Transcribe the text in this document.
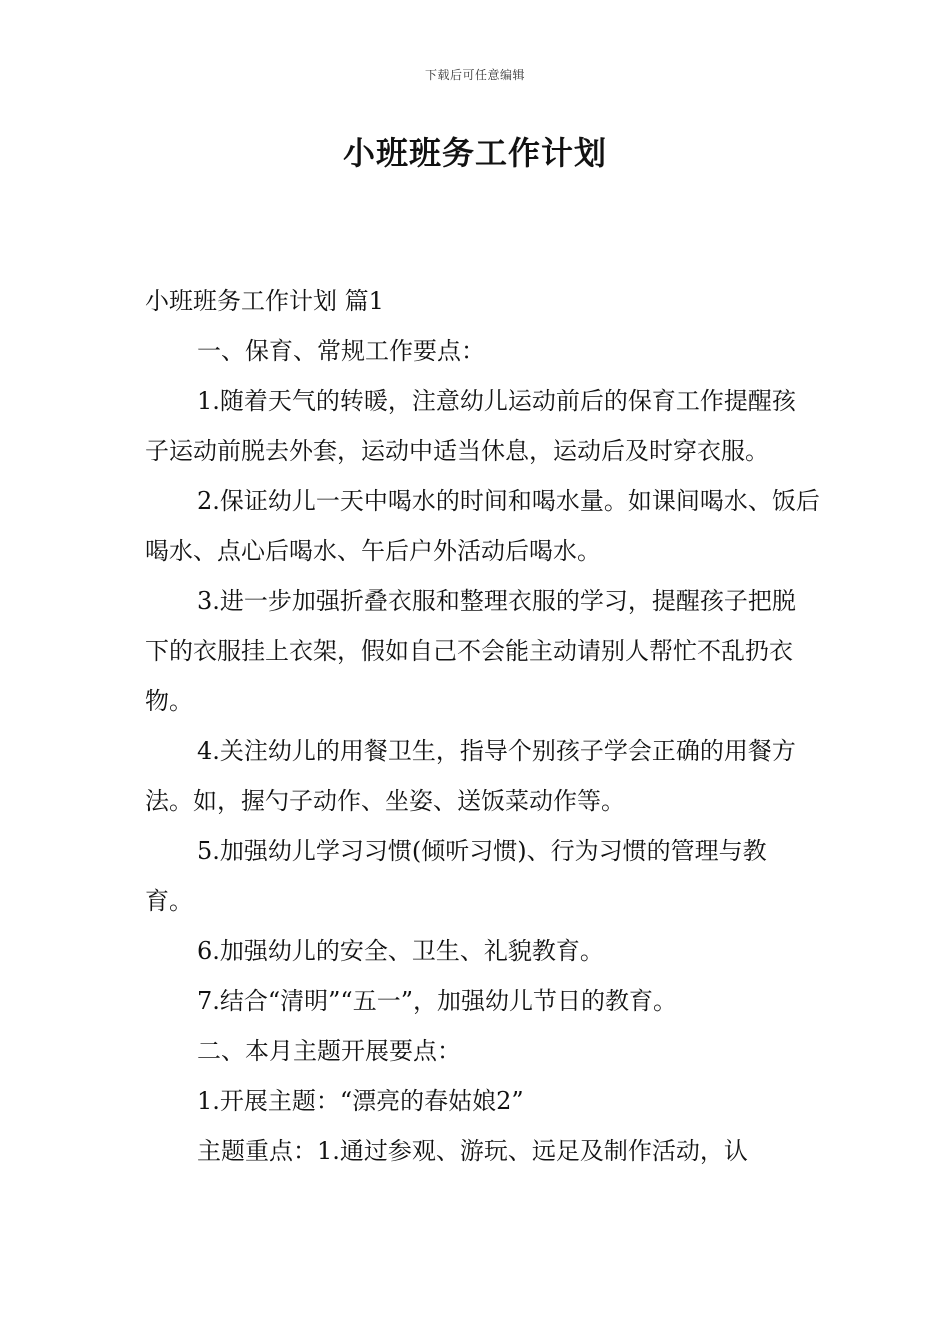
下载后可任意编辑
小班班务工作计划

小班班务工作计划 篇1

一、保育、常规工作要点：

1.随着天气的转暖，注意幼儿运动前后的保育工作提醒孩子运动前脱去外套，运动中适当休息，运动后及时穿衣服。

2.保证幼儿一天中喝水的时间和喝水量。如课间喝水、饭后喝水、点心后喝水、午后户外活动后喝水。

3.进一步加强折叠衣服和整理衣服的学习，提醒孩子把脱下的衣服挂上衣架，假如自己不会能主动请别人帮忙不乱扔衣物。

4.关注幼儿的用餐卫生，指导个别孩子学会正确的用餐方法。如，握勺子动作、坐姿、送饭菜动作等。

5.加强幼儿学习习惯(倾听习惯)、行为习惯的管理与教育。

6.加强幼儿的安全、卫生、礼貌教育。

7.结合“清明”“五一”，加强幼儿节日的教育。

二、本月主题开展要点：

1.开展主题：“漂亮的春姑娘2”

主题重点：1.通过参观、游玩、远足及制作活动，认
